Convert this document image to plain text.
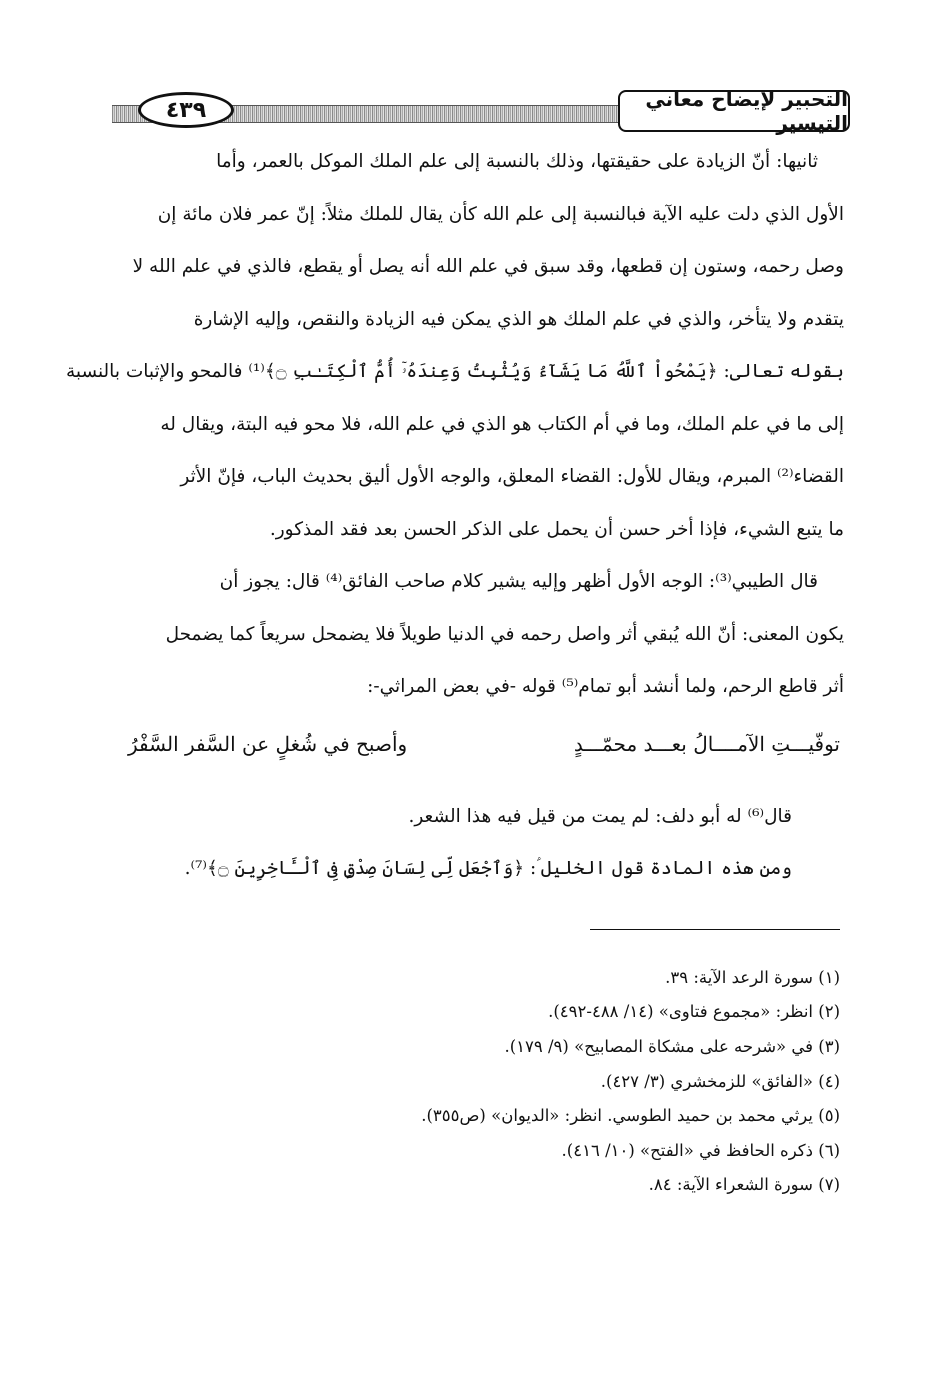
التحبير لإيضاح معاني التيسير
٤٣٩
ثانيها: أنّ الزيادة على حقيقتها، وذلك بالنسبة إلى علم الملك الموكل بالعمر، وأما
الأول الذي دلت عليه الآية فبالنسبة إلى علم الله كأن يقال للملك مثلاً: إنّ عمر فلان مائة إن
وصل رحمه، وستون إن قطعها، وقد سبق في علم الله أنه يصل أو يقطع، فالذي في علم الله لا
يتقدم ولا يتأخر، والذي في علم الملك هو الذي يمكن فيه الزيادة والنقص، وإليه الإشارة
بقوله تعالى: ﴿يَمْحُواْ ٱللَّهُ مَا يَشَآءُ وَيُثْبِتُ وَعِندَهُۥٓ أُمُّ ٱلْكِتَـٰبِ ۝﴾⁽¹⁾ فالمحو والإثبات بالنسبة
إلى ما في علم الملك، وما في أم الكتاب هو الذي في علم الله، فلا محو فيه البتة، ويقال له
القضاء⁽²⁾ المبرم، ويقال للأول: القضاء المعلق، والوجه الأول أليق بحديث الباب، فإنّ الأثر
ما يتبع الشيء، فإذا أخر حسن أن يحمل على الذكر الحسن بعد فقد المذكور.
قال الطيبي⁽³⁾: الوجه الأول أظهر وإليه يشير كلام صاحب الفائق⁽⁴⁾ قال: يجوز أن
يكون المعنى: أنّ الله يُبقي أثر واصل رحمه في الدنيا طويلاً فلا يضمحل سريعاً كما يضمحل
أثر قاطع الرحم، ولما أنشد أبو تمام⁽⁵⁾ قوله -في بعض المراثي-:
توفّيـــتِ الآمــــالُ بعـــد محمّـــدٍ
وأصبح في شُغلٍ عن السَّفر السَّفْرُ
قال⁽⁶⁾ له أبو دلف: لم يمت من قيل فيه هذا الشعر.
ومن هذه المادة قول الخليل ؑ: ﴿وَٱجْعَل لِّى لِسَانَ صِدْقٍ فِى ٱلْـَٔاخِرِينَ ۝﴾⁽⁷⁾.
(١) سورة الرعد الآية: ٣٩.
(٢) انظر: «مجموع فتاوى» (١٤/ ٤٨٨-٤٩٢).
(٣) في «شرحه على مشكاة المصابيح» (٩/ ١٧٩).
(٤) «الفائق» للزمخشري (٣/ ٤٢٧).
(٥) يرثي محمد بن حميد الطوسي. انظر: «الديوان» (ص٣٥٥).
(٦) ذكره الحافظ في «الفتح» (١٠/ ٤١٦).
(٧) سورة الشعراء الآية: ٨٤.
